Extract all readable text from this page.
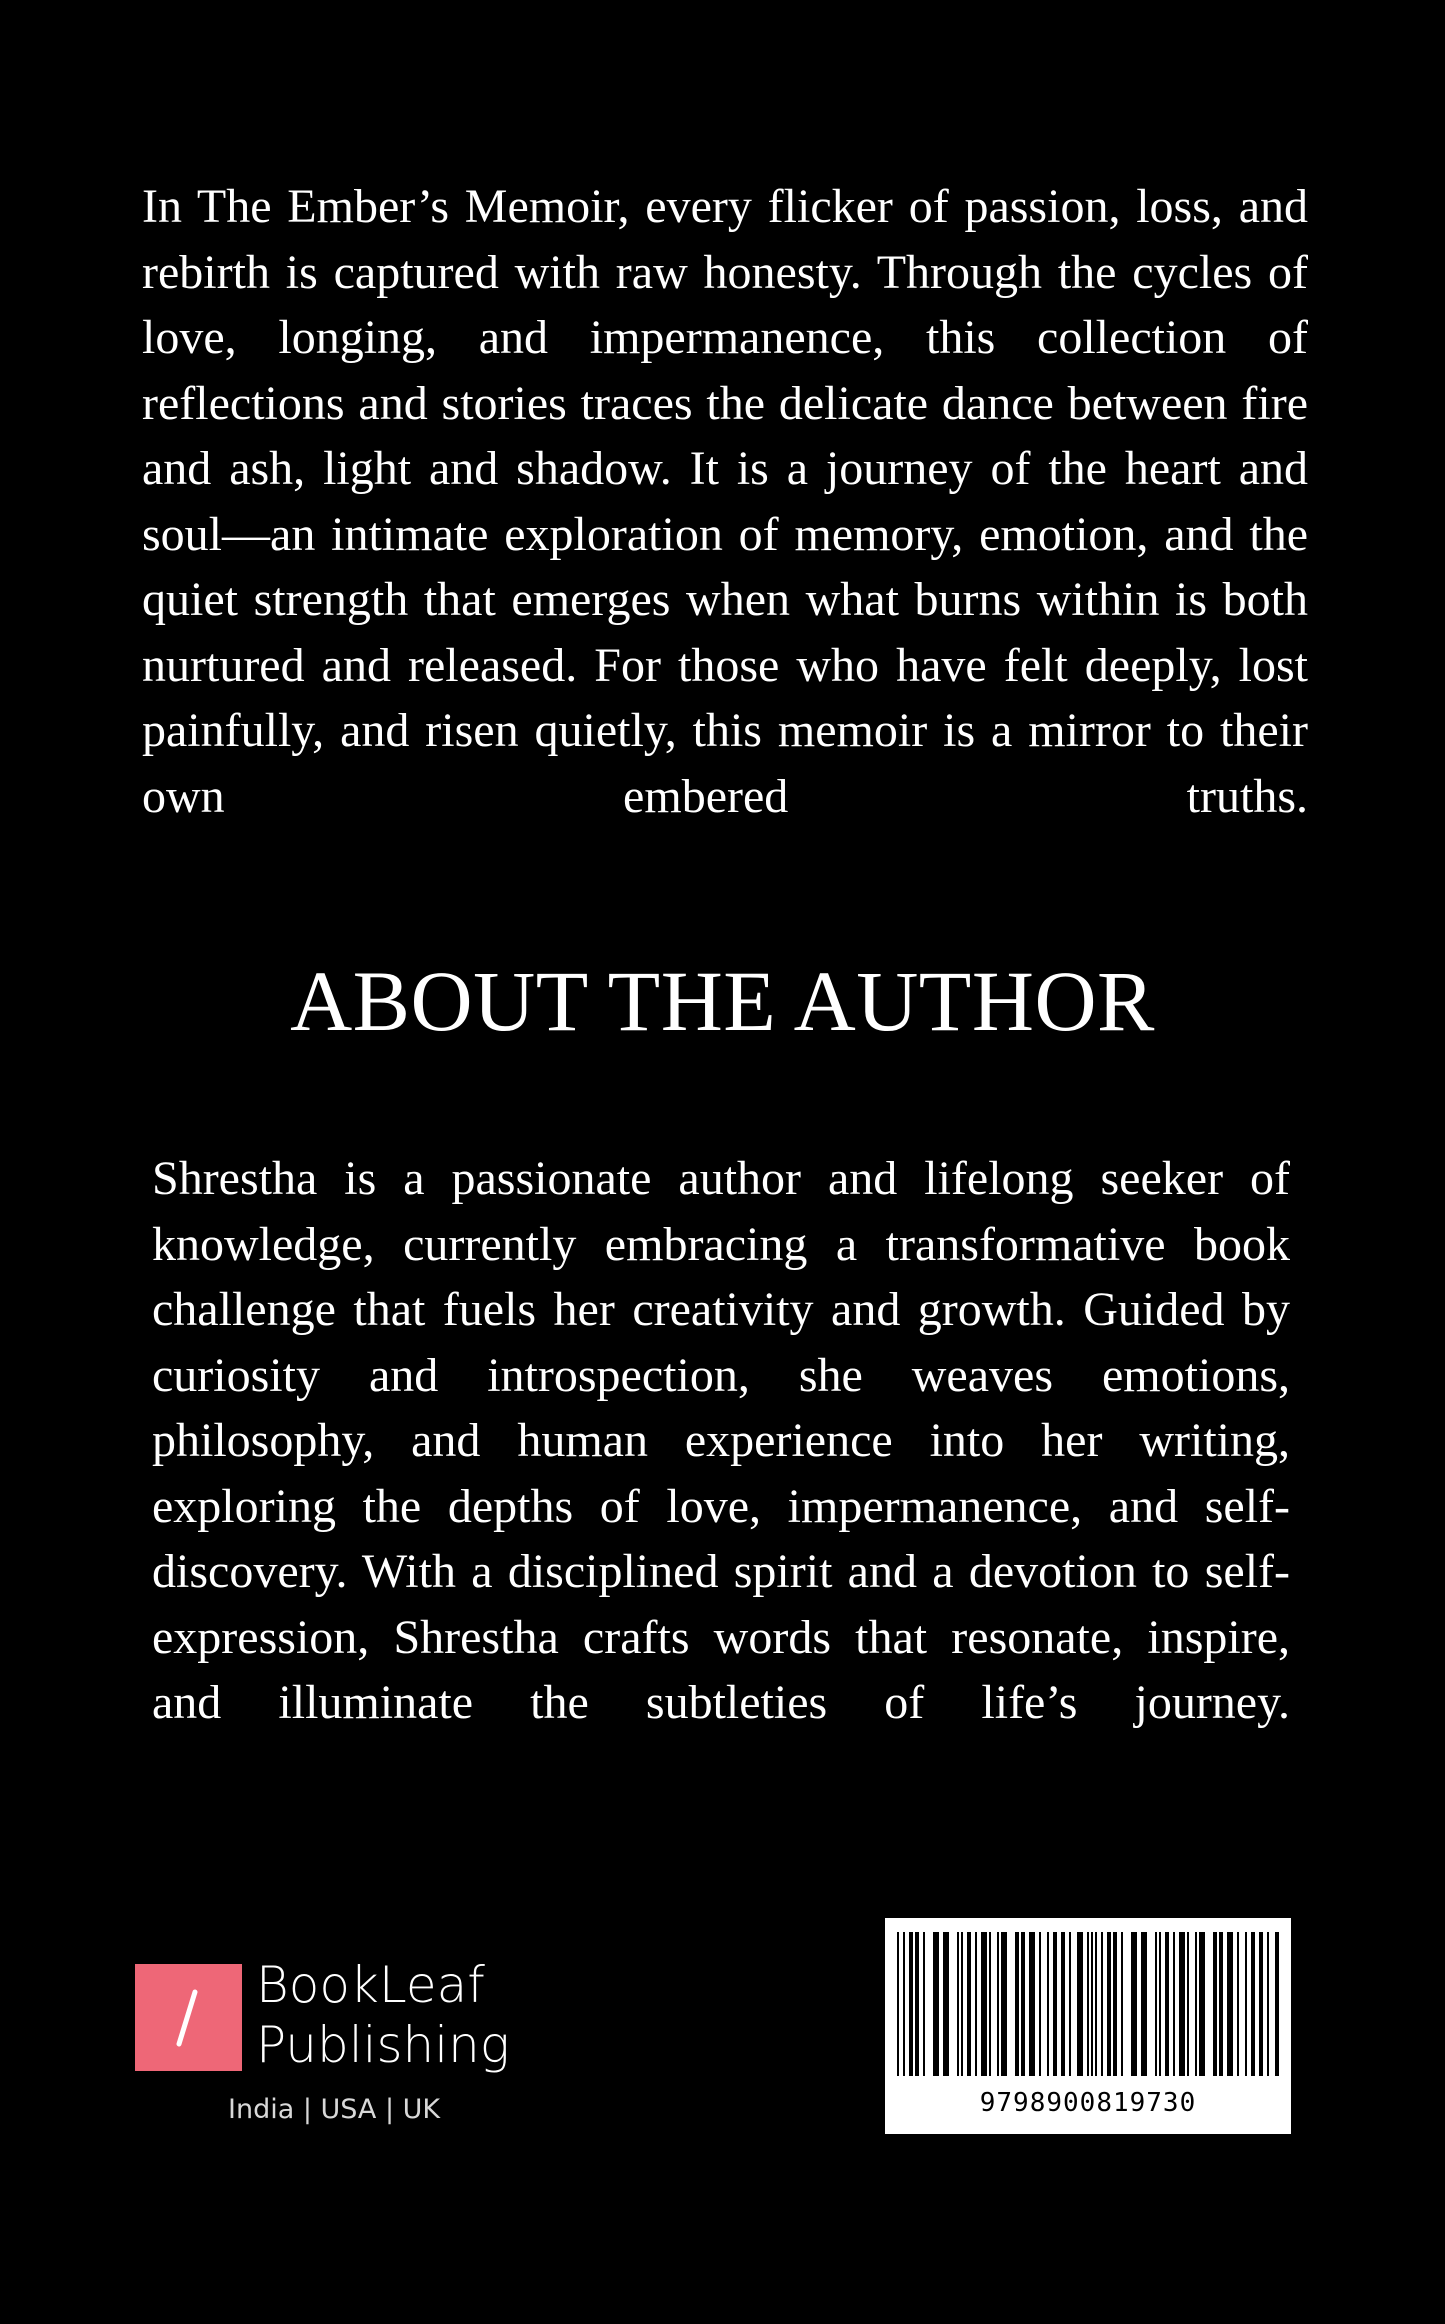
In The Ember’s Memoir, every flicker of passion, loss, and rebirth is captured with raw honesty. Through the cycles of love, longing, and impermanence, this collection of reflections and stories traces the delicate dance between fire and ash, light and shadow. It is a journey of the heart and soul—an intimate exploration of memory, emotion, and the quiet strength that emerges when what burns within is both nurtured and released. For those who have felt deeply, lost painfully, and risen quietly, this memoir is a mirror to their own embered truths.

ABOUT THE AUTHOR

Shrestha is a passionate author and lifelong seeker of knowledge, currently embracing a transformative book challenge that fuels her creativity and growth. Guided by curiosity and introspection, she weaves emotions, philosophy, and human experience into her writing, exploring the depths of love, impermanence, and self-discovery. With a disciplined spirit and a devotion to self-expression, Shrestha crafts words that resonate, inspire, and illuminate the subtleties of life’s journey.

BookLeaf
Publishing
India | USA | UK	9798900819730
